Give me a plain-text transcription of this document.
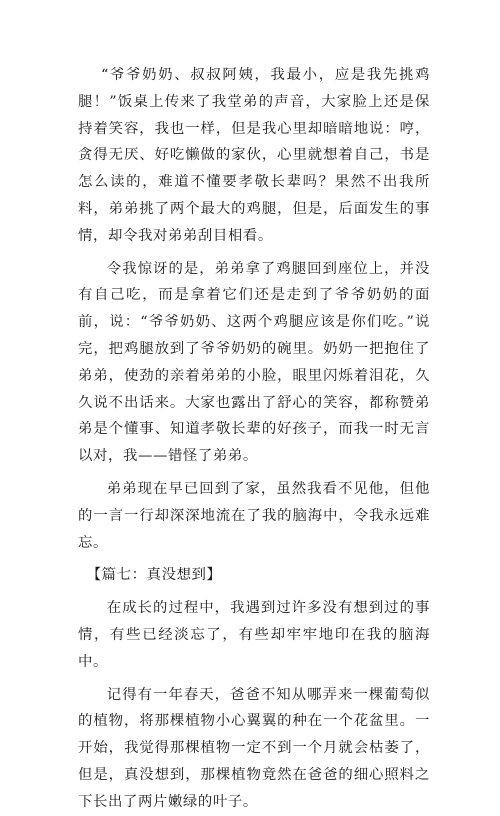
“爷爷奶奶、叔叔阿姨，我最小，应是我先挑鸡腿！”饭桌上传来了我堂弟的声音，大家脸上还是保持着笑容，我也一样，但是我心里却暗暗地说：哼，贪得无厌、好吃懒做的家伙，心里就想着自己，书是怎么读的，难道不懂要孝敬长辈吗？果然不出我所料，弟弟挑了两个最大的鸡腿，但是，后面发生的事情，却令我对弟弟刮目相看。

令我惊讶的是，弟弟拿了鸡腿回到座位上，并没有自己吃，而是拿着它们还是走到了爷爷奶奶的面前，说：“爷爷奶奶、这两个鸡腿应该是你们吃。”说完，把鸡腿放到了爷爷奶奶的碗里。奶奶一把抱住了弟弟，使劲的亲着弟弟的小脸，眼里闪烁着泪花，久久说不出话来。大家也露出了舒心的笑容，都称赞弟弟是个懂事、知道孝敬长辈的好孩子，而我一时无言以对，我——错怪了弟弟。

弟弟现在早已回到了家，虽然我看不见他，但他的一言一行却深深地流在了我的脑海中，令我永远难忘。

【篇七：真没想到】

在成长的过程中，我遇到过许多没有想到过的事情，有些已经淡忘了，有些却牢牢地印在我的脑海中。

记得有一年春天，爸爸不知从哪弄来一棵葡萄似的植物，将那棵植物小心翼翼的种在一个花盆里。一开始，我觉得那棵植物一定不到一个月就会枯萎了，但是，真没想到，那棵植物竟然在爸爸的细心照料之下长出了两片嫩绿的叶子。
